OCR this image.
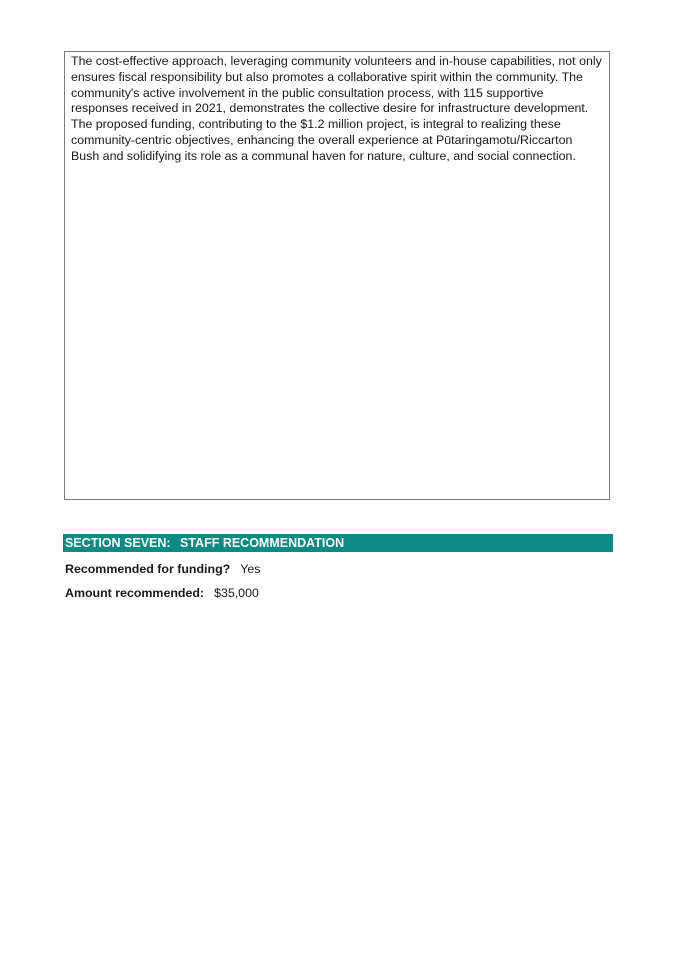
The cost-effective approach, leveraging community volunteers and in-house capabilities, not only ensures fiscal responsibility but also promotes a collaborative spirit within the community. The community's active involvement in the public consultation process, with 115 supportive responses received in 2021, demonstrates the collective desire for infrastructure development. The proposed funding, contributing to the $1.2 million project, is integral to realizing these community-centric objectives, enhancing the overall experience at Pūtaringamotu/Riccarton Bush and solidifying its role as a communal haven for nature, culture, and social connection.
SECTION SEVEN: STAFF RECOMMENDATION
Recommended for funding? Yes
Amount recommended: $35,000
